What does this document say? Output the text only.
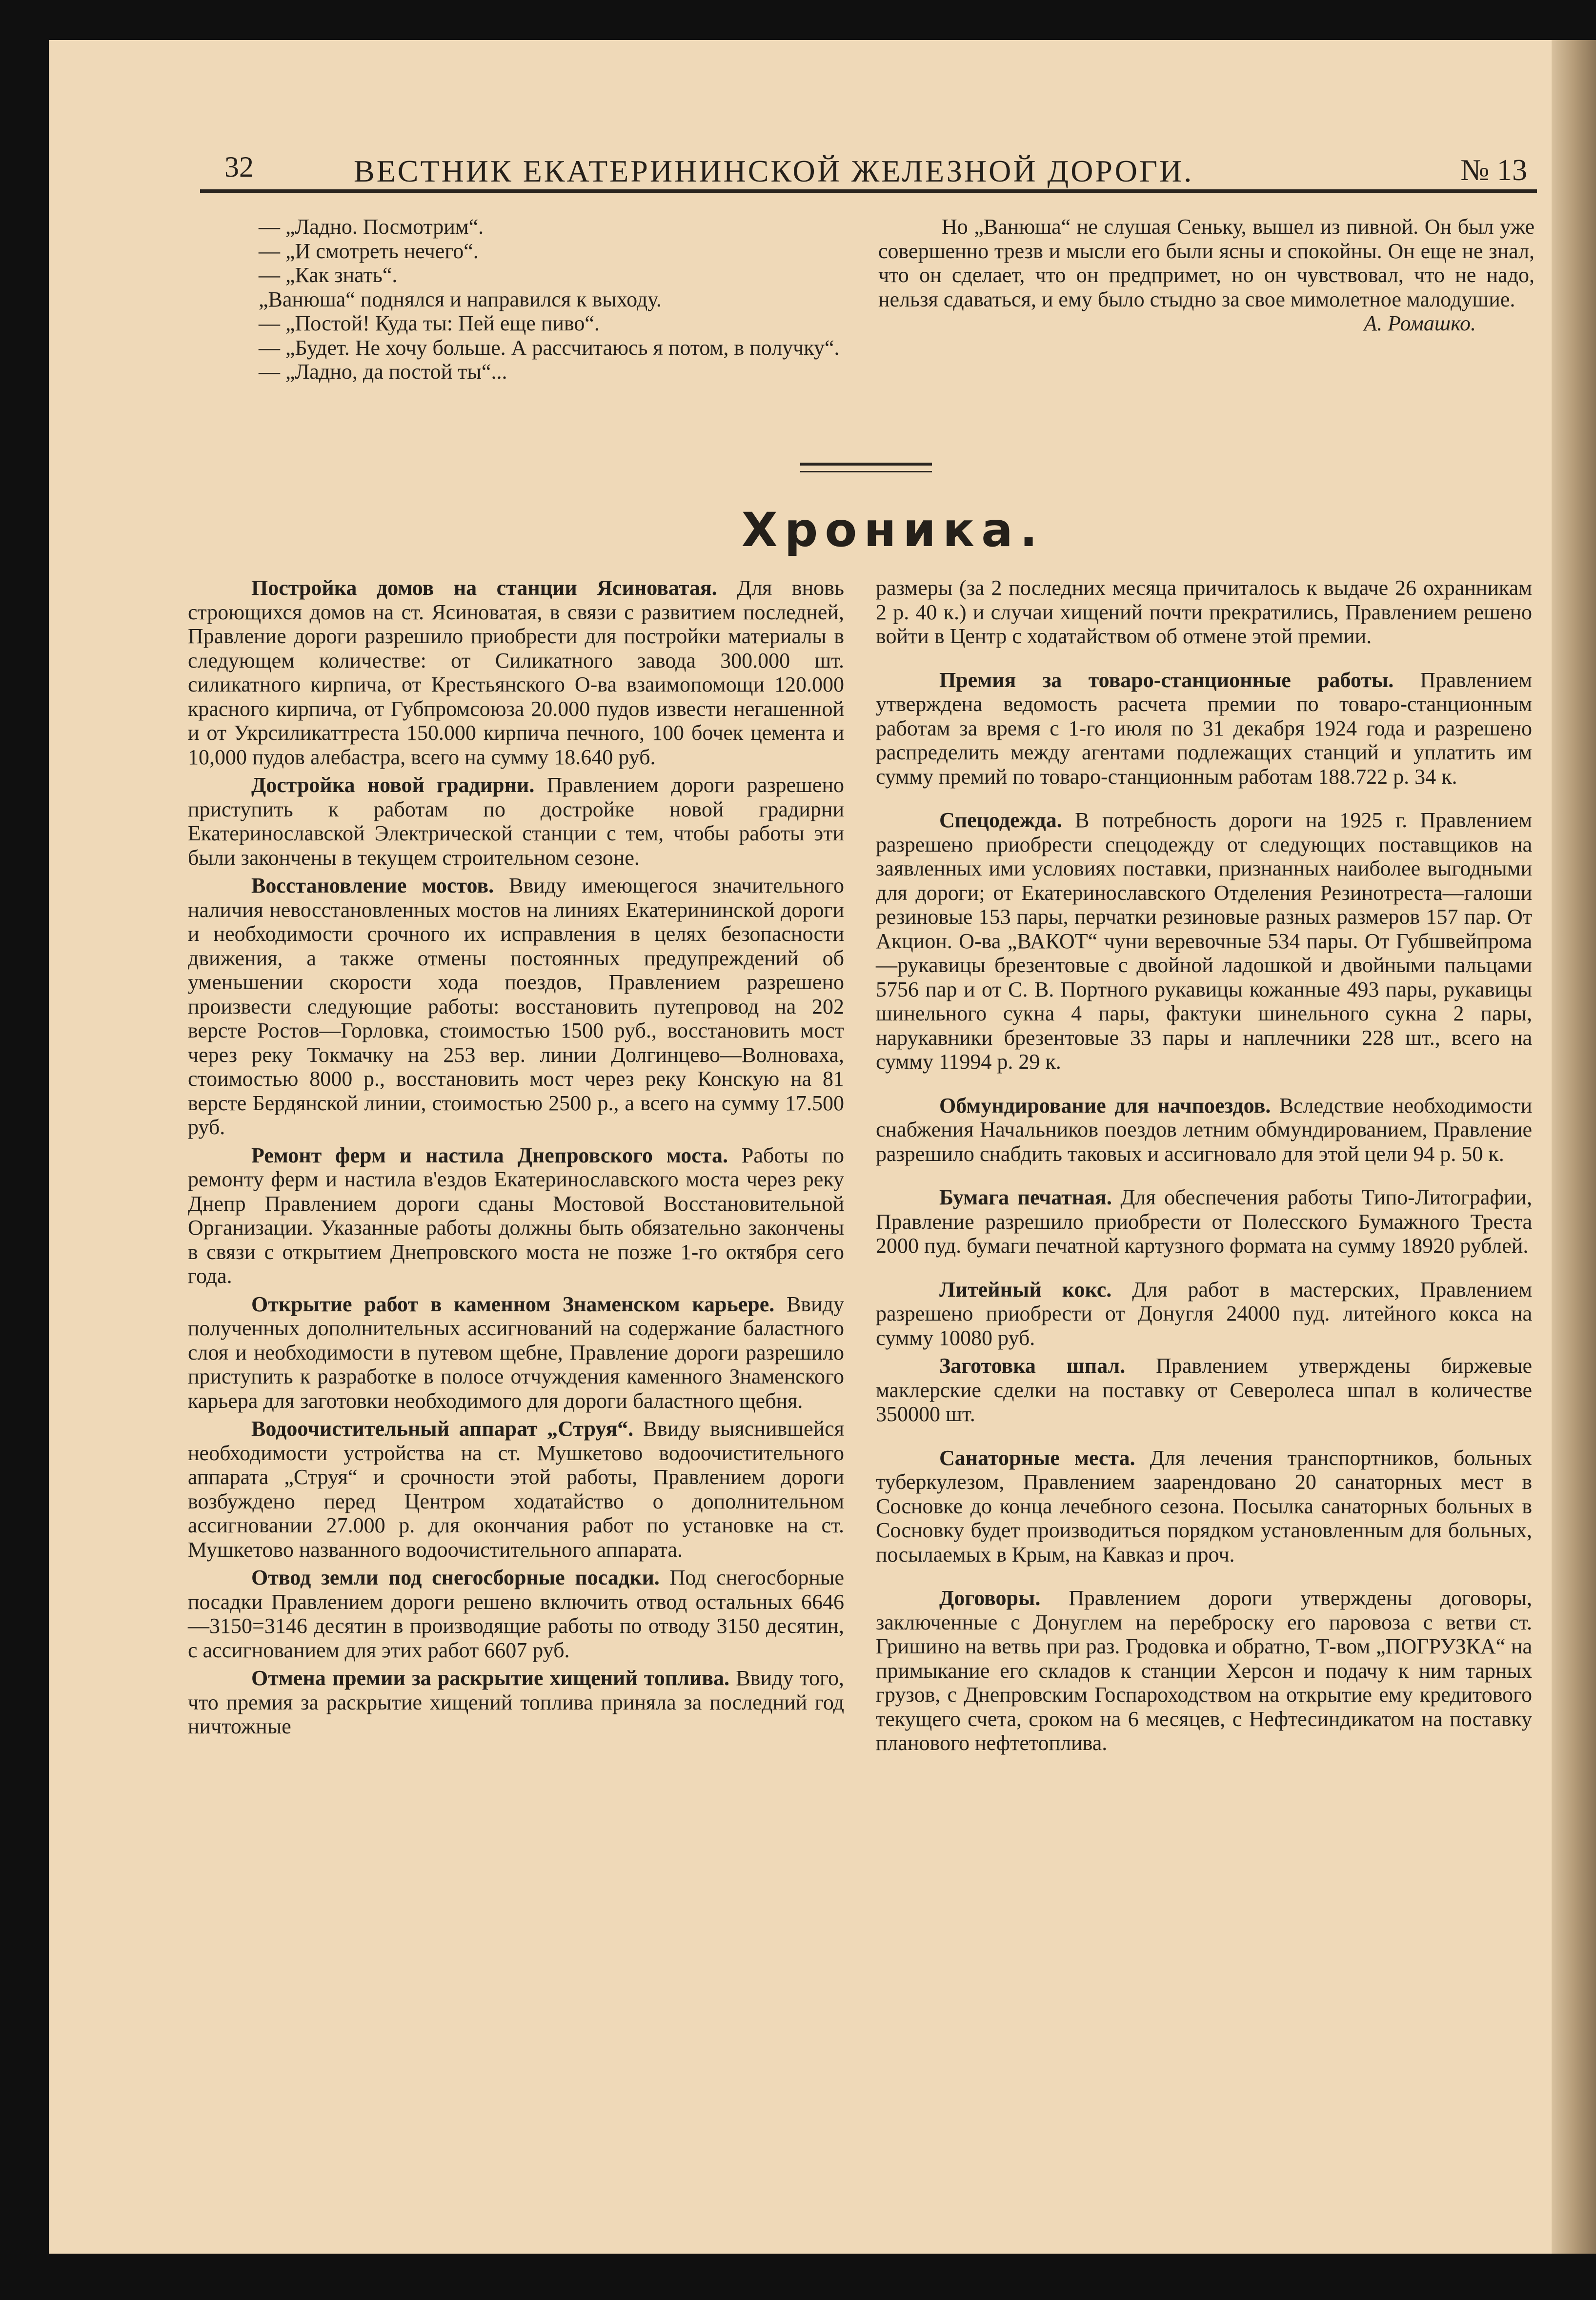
32	ВЕСТНИК ЕКАТЕРИНИНСКОЙ ЖЕЛЕЗНОЙ ДОРОГИ.	№ 13

— „Ладно. Посмотрим“.

— „И смотреть нечего“.

— „Как знать“.

„Ванюша“ поднялся и направился к выходу.

— „Постой! Куда ты: Пей еще пиво“.

— „Будет. Не хочу больше. А рассчитаюсь я потом, в получку“.

— „Ладно, да постой ты“...

Но „Ванюша“ не слушая Сеньку, вышел из пивной. Он был уже совершенно трезв и мысли его были ясны и спокойны. Он еще не знал, что он сделает, что он предпримет, но он чувствовал, что не надо, нельзя сдаваться, и ему было стыдно за свое мимолетное малодушие.

А. Ромашко.

Хроника.

Постройка домов на станции Ясиноватая. Для вновь строющихся домов на ст. Ясиноватая, в связи с развитием последней, Правление дороги разрешило приобрести для постройки материалы в следующем количестве: от Силикатного завода 300.000 шт. силикатного кирпича, от Крестьянского О-ва взаимопомощи 120.000 красного кирпича, от Губпромсоюза 20.000 пудов извести негашенной и от Укрсиликаттреста 150.000 кирпича печного, 100 бочек цемента и 10,000 пудов алебастра, всего на сумму 18.640 руб.

Достройка новой градирни. Правлением дороги разрешено приступить к работам по достройке новой градирни Екатеринославской Электрической станции с тем, чтобы работы эти были закончены в текущем строительном сезоне.

Восстановление мостов. Ввиду имеющегося значительного наличия невосстановленных мостов на линиях Екатерининской дороги и необходимости срочного их исправления в целях безопасности движения, а также отмены постоянных предупреждений об уменьшении скорости хода поездов, Правлением разрешено произвести следующие работы: восстановить путепровод на 202 версте Ростов—Горловка, стоимостью 1500 руб., восстановить мост через реку Токмачку на 253 вер. линии Долгинцево—Волноваха, стоимостью 8000 р., восстановить мост через реку Конскую на 81 версте Бердянской линии, стоимостью 2500 р., а всего на сумму 17.500 руб.

Ремонт ферм и настила Днепровского моста. Работы по ремонту ферм и настила в'ездов Екатеринославского моста через реку Днепр Правлением дороги сданы Мостовой Восстановительной Организации. Указанные работы должны быть обязательно закончены в связи с открытием Днепровского моста не позже 1-го октября сего года.

Открытие работ в каменном Знаменском карьере. Ввиду полученных дополнительных ассигнований на содержание баластного слоя и необходимости в путевом щебне, Правление дороги разрешило приступить к разработке в полосе отчуждения каменного Знаменского карьера для заготовки необходимого для дороги баластного щебня.

Водоочистительный аппарат „Струя“. Ввиду выяснившейся необходимости устройства на ст. Мушкетово водоочистительного аппарата „Струя“ и срочности этой работы, Правлением дороги возбуждено перед Центром ходатайство о дополнительном ассигновании 27.000 р. для окончания работ по установке на ст. Мушкетово названного водоочистительного аппарата.

Отвод земли под снегосборные посадки. Под снегосборные посадки Правлением дороги решено включить отвод остальных 6646—3150=3146 десятин в производящие работы по отводу 3150 десятин, с ассигнованием для этих работ 6607 руб.

Отмена премии за раскрытие хищений топлива. Ввиду того, что премия за раскрытие хищений топлива приняла за последний год ничтожные

размеры (за 2 последних месяца причиталось к выдаче 26 охранникам 2 р. 40 к.) и случаи хищений почти прекратились, Правлением решено войти в Центр с ходатайством об отмене этой премии.

Премия за товаро-станционные работы. Правлением утверждена ведомость расчета премии по товаро-станционным работам за время с 1-го июля по 31 декабря 1924 года и разрешено распределить между агентами подлежащих станций и уплатить им сумму премий по товаро-станционным работам 188.722 р. 34 к.

Спецодежда. В потребность дороги на 1925 г. Правлением разрешено приобрести спецодежду от следующих поставщиков на заявленных ими условиях поставки, признанных наиболее выгодными для дороги; от Екатеринославского Отделения Резинотреста—галоши резиновые 153 пары, перчатки резиновые разных размеров 157 пар. От Акцион. О-ва „ВАКОТ“ чуни веревочные 534 пары. От Губшвейпрома—рукавицы брезентовые с двойной ладошкой и двойными пальцами 5756 пар и от С. В. Портного рукавицы кожанные 493 пары, рукавицы шинельного сукна 4 пары, фактуки шинельного сукна 2 пары, нарукавники брезентовые 33 пары и наплечники 228 шт., всего на сумму 11994 р. 29 к.

Обмундирование для начпоездов. Вследствие необходимости снабжения Начальников поездов летним обмундированием, Правление разрешило снабдить таковых и ассигновало для этой цели 94 р. 50 к.

Бумага печатная. Для обеспечения работы Типо-Литографии, Правление разрешило приобрести от Полесского Бумажного Треста 2000 пуд. бумаги печатной картузного формата на сумму 18920 рублей.

Литейный кокс. Для работ в мастерских, Правлением разрешено приобрести от Донугля 24000 пуд. литейного кокса на сумму 10080 руб.

Заготовка шпал. Правлением утверждены биржевые маклерские сделки на поставку от Северолеса шпал в количестве 350000 шт.

Санаторные места. Для лечения транспортников, больных туберкулезом, Правлением заарендовано 20 санаторных мест в Сосновке до конца лечебного сезона. Посылка санаторных больных в Сосновку будет производиться порядком установленным для больных, посылаемых в Крым, на Кавказ и проч.

Договоры. Правлением дороги утверждены договоры, заключенные с Донуглем на переброску его паровоза с ветви ст. Гришино на ветвь при раз. Гродовка и обратно, Т-вом „ПОГРУЗКА“ на примыкание его складов к станции Херсон и подачу к ним тарных грузов, с Днепровским Госпароходством на открытие ему кредитового текущего счета, сроком на 6 месяцев, с Нефтесиндикатом на поставку планового нефтетоплива.
